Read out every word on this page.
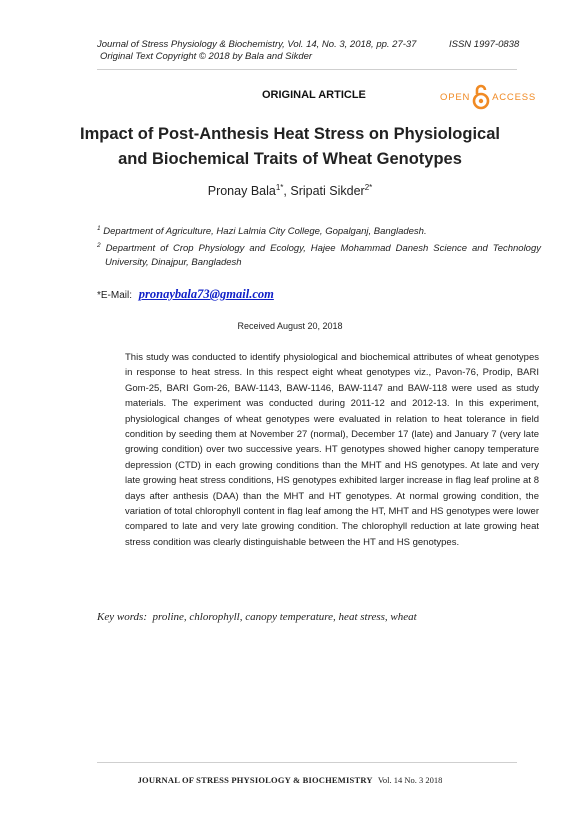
Journal of Stress Physiology & Biochemistry, Vol. 14, No. 3, 2018, pp. 27-37	ISSN 1997-0838
Original Text Copyright © 2018 by Bala and Sikder
ORIGINAL ARTICLE	OPEN ACCESS
Impact of Post-Anthesis Heat Stress on Physiological
and Biochemical Traits of Wheat Genotypes
Pronay Bala$^{1*}$, Sripati Sikder$^{2*}$
$^1$ Department of Agriculture, Hazi Lalmia City College, Gopalganj, Bangladesh.
$^2$ Department of Crop Physiology and Ecology, Hajee Mohammad Danesh Science and Technology
University, Dinajpur, Bangladesh
*E-Mail: pronaybala73@gmail.com
Received August 20, 2018
This study was conducted to identify physiological and biochemical attributes of wheat genotypes in response to heat stress. In this respect eight wheat genotypes viz., Pavon-76, Prodip, BARI Gom-25, BARI Gom-26, BAW-1143, BAW-1146, BAW-1147 and BAW-118 were used as study materials. The experiment was conducted during 2011-12 and 2012-13. In this experiment, physiological changes of wheat genotypes were evaluated in relation to heat tolerance in field condition by seeding them at November 27 (normal), December 17 (late) and January 7 (very late growing condition) over two successive years. HT genotypes showed higher canopy temperature depression (CTD) in each growing conditions than the MHT and HS genotypes. At late and very late growing heat stress conditions, HS genotypes exhibited larger increase in flag leaf proline at 8 days after anthesis (DAA) than the MHT and HT genotypes. At normal growing condition, the variation of total chlorophyll content in flag leaf among the HT, MHT and HS genotypes were lower compared to late and very late growing condition. The chlorophyll reduction at late growing heat stress condition was clearly distinguishable between the HT and HS genotypes.
Key words: proline, chlorophyll, canopy temperature, heat stress, wheat
JOURNAL OF STRESS PHYSIOLOGY & BIOCHEMISTRY Vol. 14 No. 3 2018
